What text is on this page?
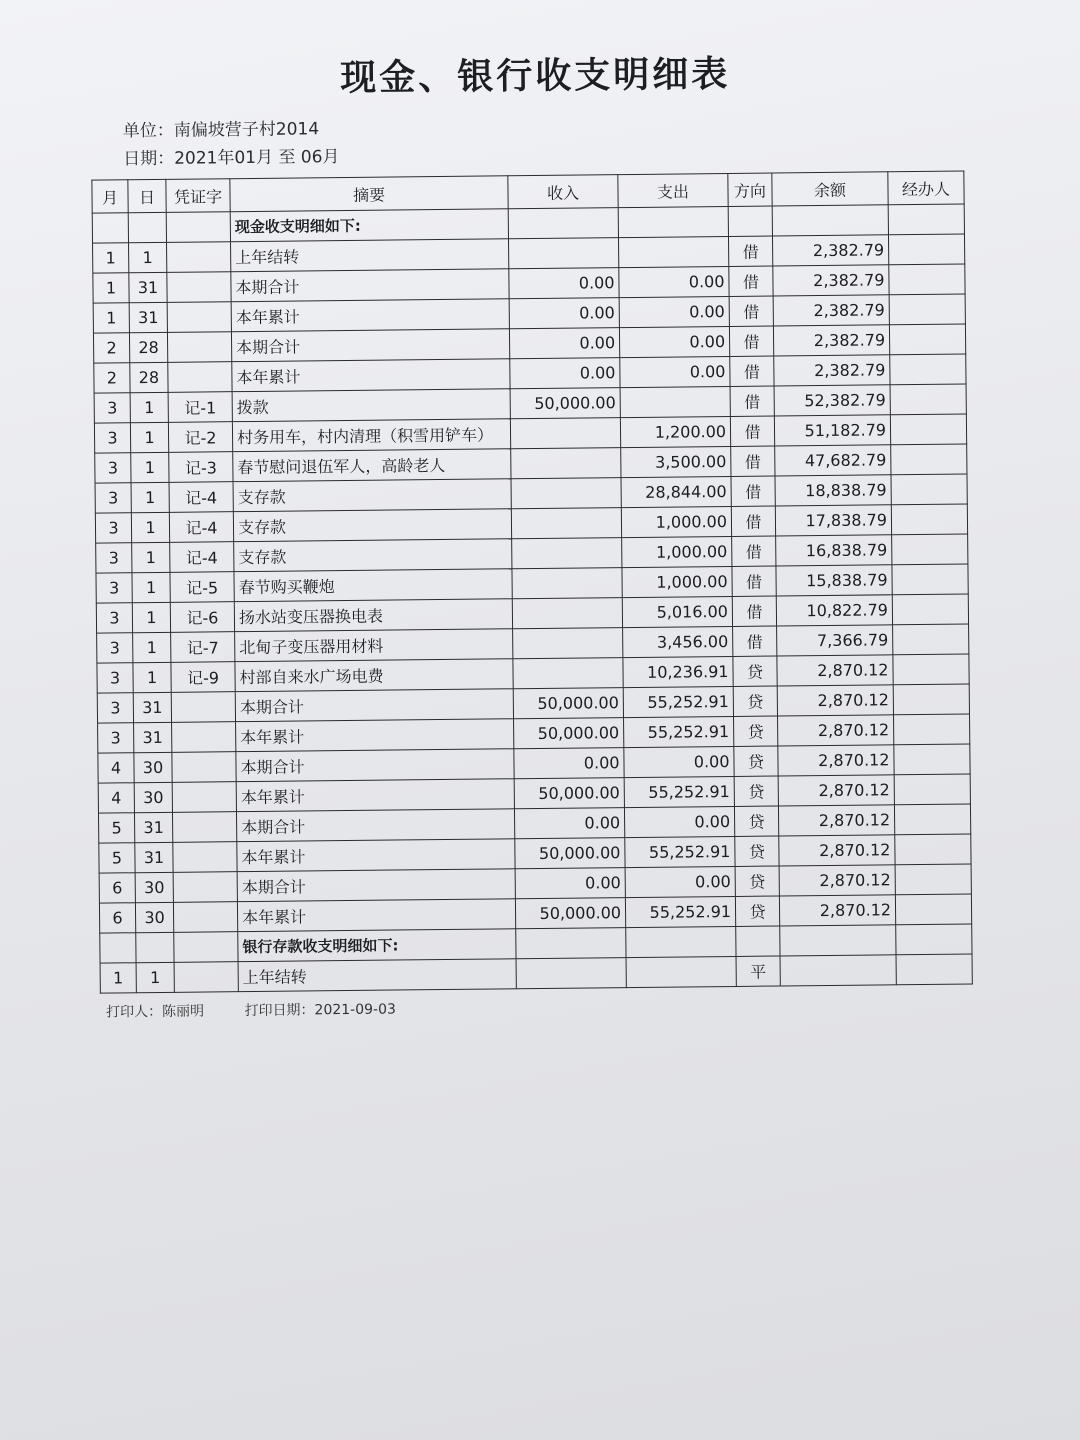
现金、银行收支明细表
单位：南偏坡营子村2014
日期：2021年01月 至 06月
月	日	凭证字	摘要	收入	支出	方向	余额	经办人
			现金收支明细如下:					
1	1		上年结转			借	2,382.79	
1	31		本期合计	0.00	0.00	借	2,382.79	
1	31		本年累计	0.00	0.00	借	2,382.79	
2	28		本期合计	0.00	0.00	借	2,382.79	
2	28		本年累计	0.00	0.00	借	2,382.79	
3	1	记-1	拨款	50,000.00		借	52,382.79	
3	1	记-2	村务用车，村内清理（积雪用铲车）		1,200.00	借	51,182.79	
3	1	记-3	春节慰问退伍军人，高龄老人		3,500.00	借	47,682.79	
3	1	记-4	支存款		28,844.00	借	18,838.79	
3	1	记-4	支存款		1,000.00	借	17,838.79	
3	1	记-4	支存款		1,000.00	借	16,838.79	
3	1	记-5	春节购买鞭炮		1,000.00	借	15,838.79	
3	1	记-6	扬水站变压器换电表		5,016.00	借	10,822.79	
3	1	记-7	北甸子变压器用材料		3,456.00	借	7,366.79	
3	1	记-9	村部自来水广场电费		10,236.91	贷	2,870.12	
3	31		本期合计	50,000.00	55,252.91	贷	2,870.12	
3	31		本年累计	50,000.00	55,252.91	贷	2,870.12	
4	30		本期合计	0.00	0.00	贷	2,870.12	
4	30		本年累计	50,000.00	55,252.91	贷	2,870.12	
5	31		本期合计	0.00	0.00	贷	2,870.12	
5	31		本年累计	50,000.00	55,252.91	贷	2,870.12	
6	30		本期合计	0.00	0.00	贷	2,870.12	
6	30		本年累计	50,000.00	55,252.91	贷	2,870.12	
			银行存款收支明细如下:					
1	1		上年结转			平		
打印人：陈丽明	打印日期：2021-09-03
